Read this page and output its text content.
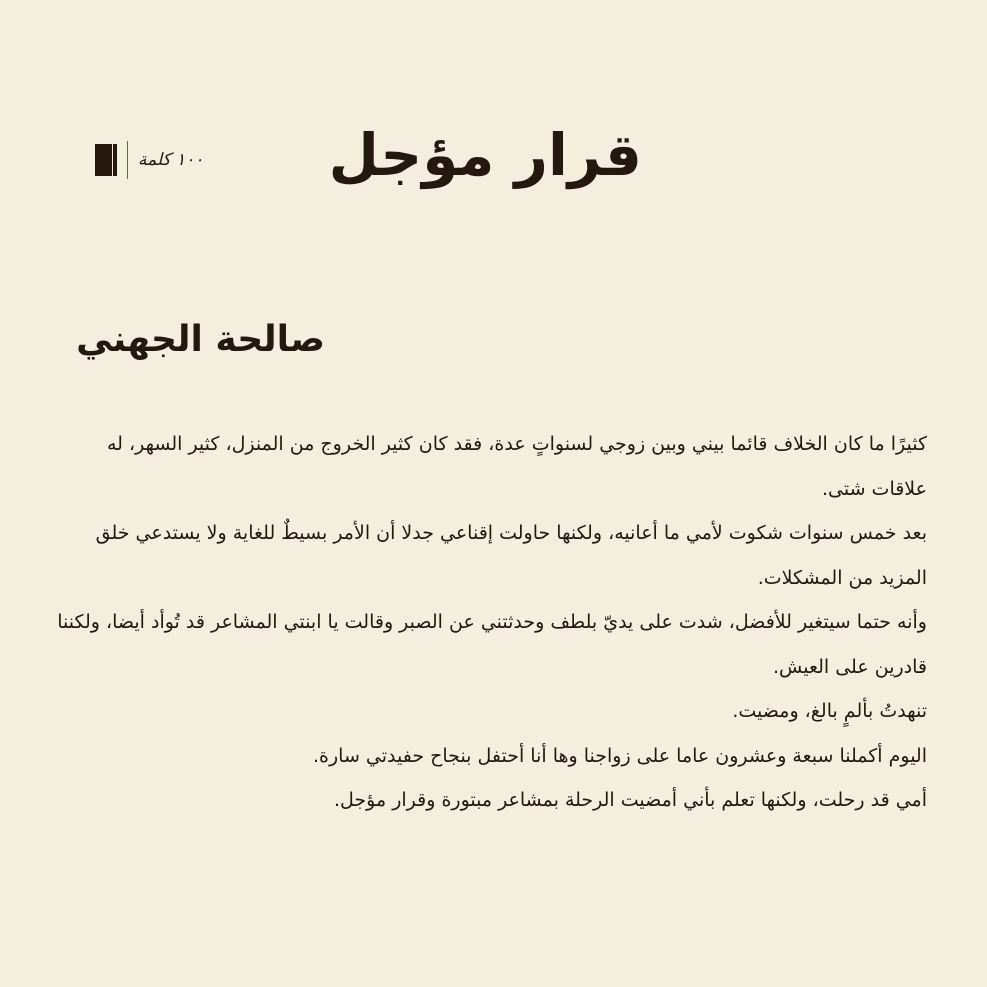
قرار مؤجل
١٠٠ كلمة
صالحة الجهني

كثيرًا ما كان الخلاف قائما بيني وبين زوجي لسنواتٍ عدة، فقد كان كثير الخروج من المنزل، كثير السهر، له علاقات شتى.

بعد خمس سنوات شكوت لأمي ما أعانيه، ولكنها حاولت إقناعي جدلا أن الأمر بسيطٌ للغاية ولا يستدعي خلق المزيد من المشكلات.

وأنه حتما سيتغير للأفضل، شدت على يديّ بلطف وحدثتني عن الصبر وقالت يا ابنتي المشاعر قد تُوأد أيضا، ولكننا قادرين على العيش.

تنهدتُ بألمٍ بالغ، ومضيت.

اليوم أكملنا سبعة وعشرون عاما على زواجنا وها أنا أحتفل بنجاح حفيدتي سارة.

أمي قد رحلت، ولكنها تعلم بأني أمضيت الرحلة بمشاعر مبتورة وقرار مؤجل.
